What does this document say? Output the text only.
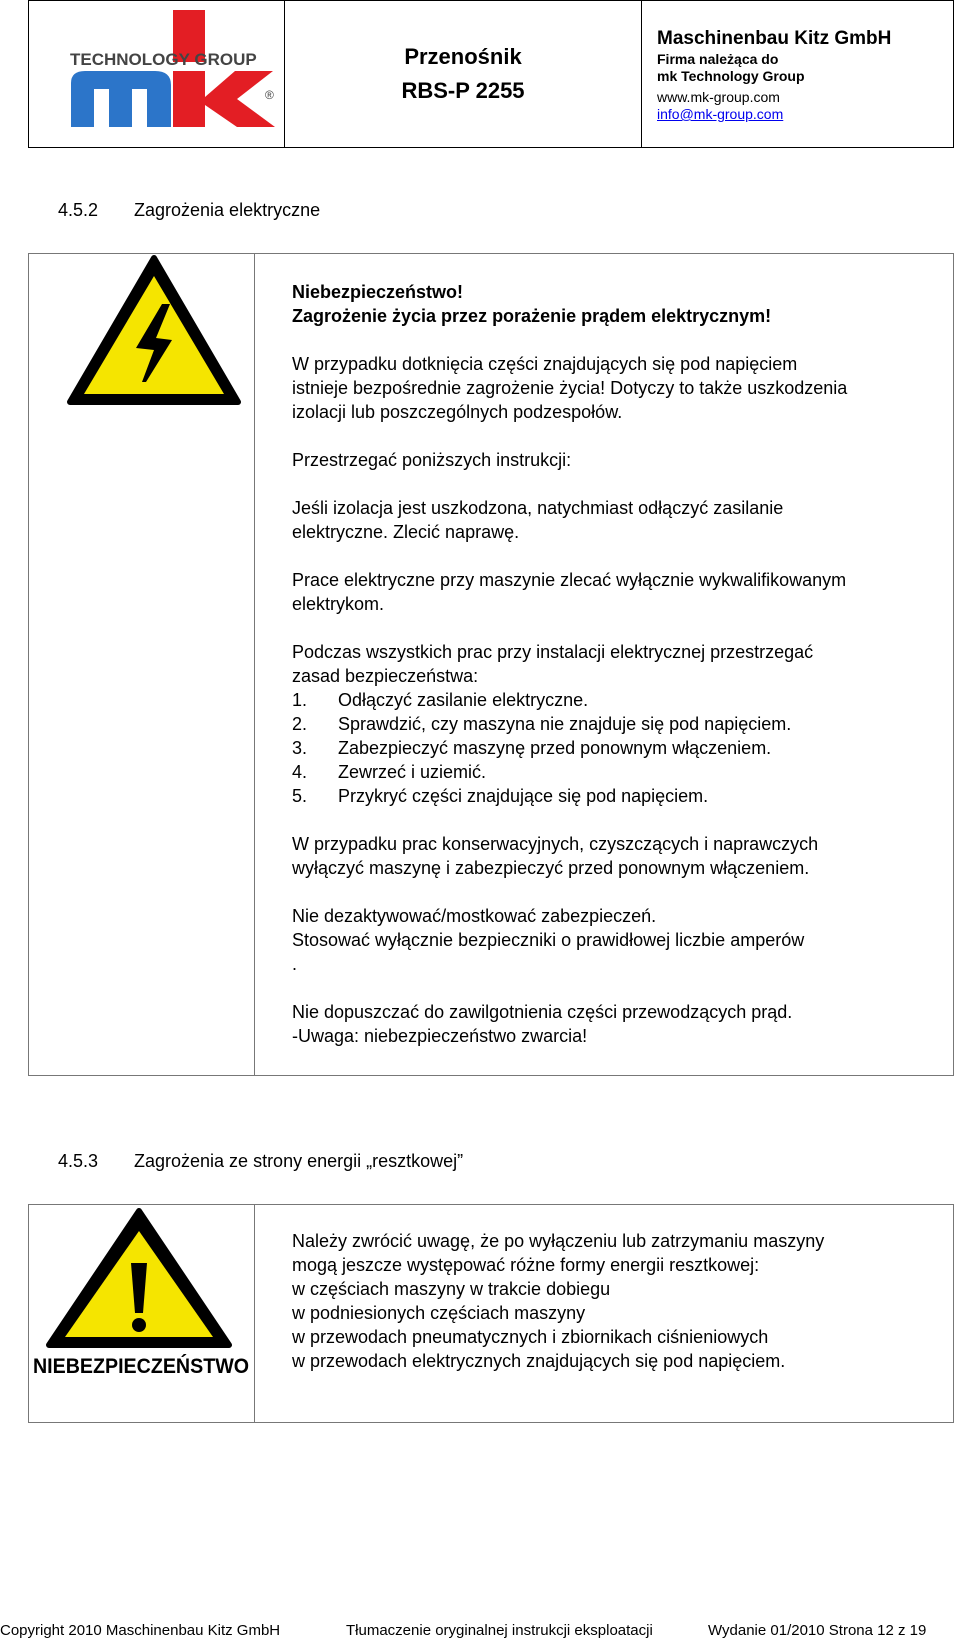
TECHNOLOGY GROUP
®
Przenośnik
RBS-P 2255
Maschinenbau Kitz GmbH
Firma należąca do
mk Technology Group
www.mk-group.com
info@mk-group.com
4.5.2 Zagrożenia elektryczne

Niebezpieczeństwo!

Zagrożenie życia przez porażenie prądem elektrycznym!

W przypadku dotknięcia części znajdujących się pod napięciem

istnieje bezpośrednie zagrożenie życia! Dotyczy to także uszkodzenia

izolacji lub poszczególnych podzespołów.

Przestrzegać poniższych instrukcji:

Jeśli izolacja jest uszkodzona, natychmiast odłączyć zasilanie

elektryczne. Zlecić naprawę.

Prace elektryczne przy maszynie zlecać wyłącznie wykwalifikowanym

elektrykom.

Podczas wszystkich prac przy instalacji elektrycznej przestrzegać

zasad bezpieczeństwa:

1.	Odłączyć zasilanie elektryczne.
2.	Sprawdzić, czy maszyna nie znajduje się pod napięciem.
3.	Zabezpieczyć maszynę przed ponownym włączeniem.
4.	Zewrzeć i uziemić.
5.	Przykryć części znajdujące się pod napięciem.

W przypadku prac konserwacyjnych, czyszczących i naprawczych

wyłączyć maszynę i zabezpieczyć przed ponownym włączeniem.

Nie dezaktywować/mostkować zabezpieczeń.

Stosować wyłącznie bezpieczniki o prawidłowej liczbie amperów

.

Nie dopuszczać do zawilgotnienia części przewodzących prąd.

-Uwaga: niebezpieczeństwo zwarcia!

4.5.3 Zagrożenia ze strony energii „resztkowej”
NIEBEZPIECZEŃSTWO

Należy zwrócić uwagę, że po wyłączeniu lub zatrzymaniu maszyny

mogą jeszcze występować różne formy energii resztkowej:

w częściach maszyny w trakcie dobiegu

w podniesionych częściach maszyny

w przewodach pneumatycznych i zbiornikach ciśnieniowych

w przewodach elektrycznych znajdujących się pod napięciem.

Copyright 2010 Maschinenbau Kitz GmbH	Tłumaczenie oryginalnej instrukcji eksploatacji	Wydanie 01/2010 Strona 12 z 19
